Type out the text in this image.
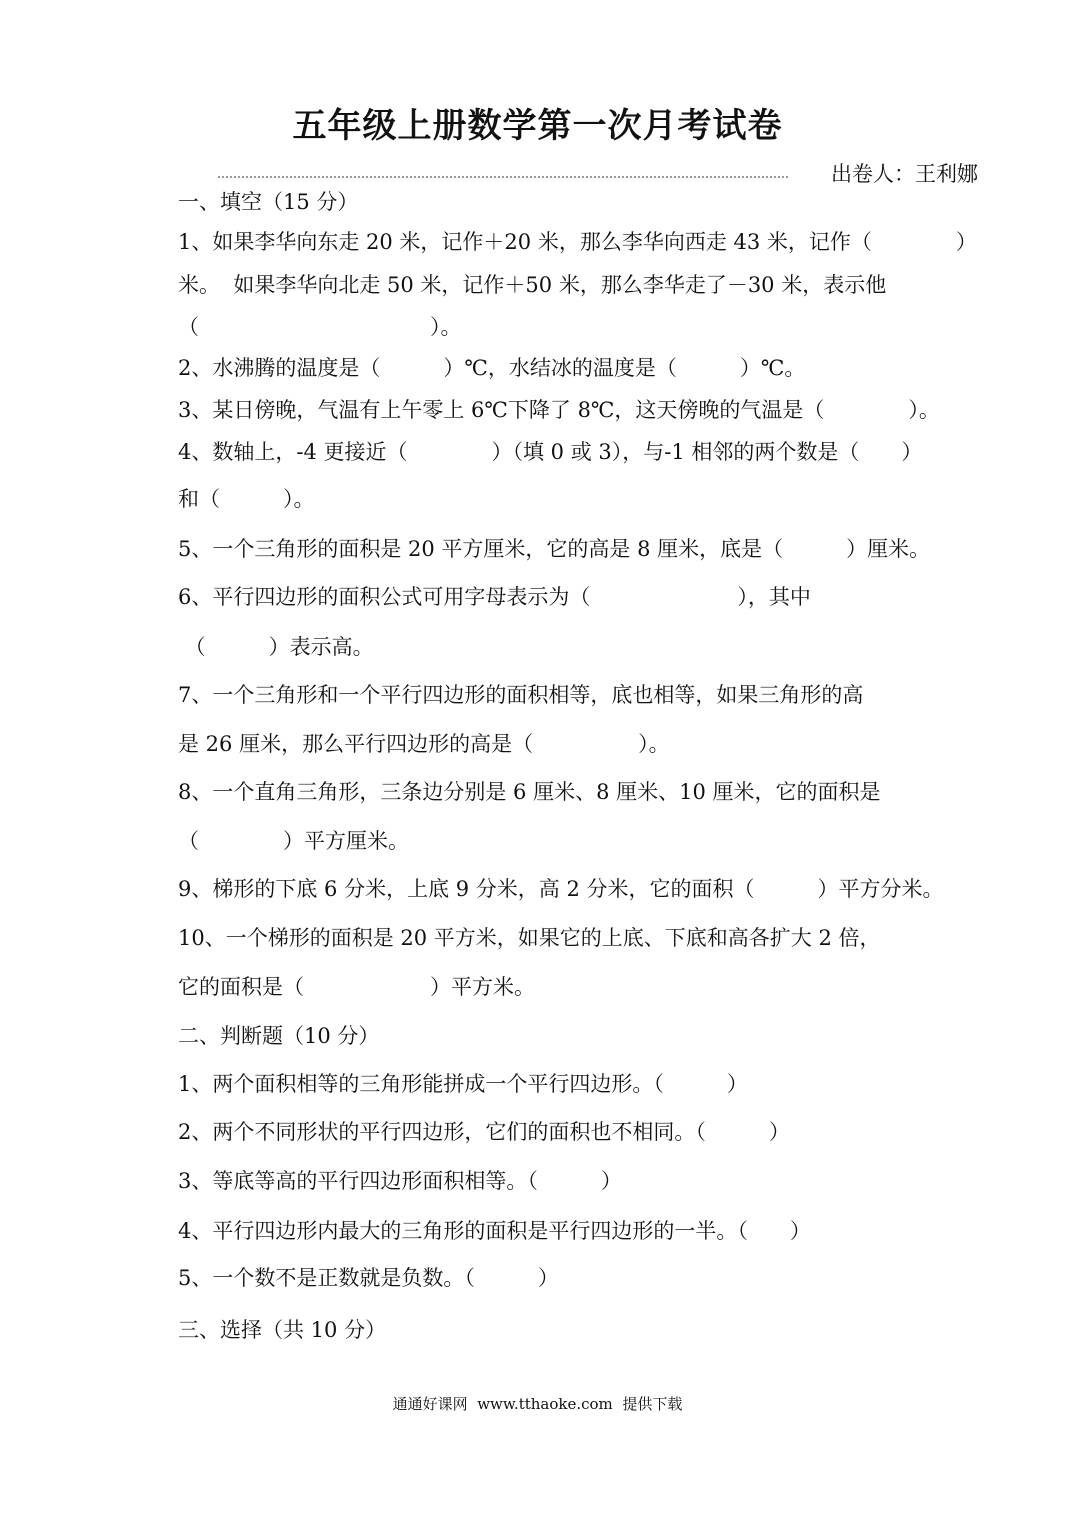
五年级上册数学第一次月考试卷
出卷人：王利娜
一、填空（15 分）
1、如果李华向东走 20 米，记作＋20 米，那么李华向西走 43 米，记作（　　　　）
米。  如果李华向北走 50 米，记作＋50 米，那么李华走了－30 米，表示他
（　　　　　　　　　　　）。
2、水沸腾的温度是（　　　）℃，水结冰的温度是（　　　）℃。
3、某日傍晚，气温有上午零上 6℃下降了 8℃，这天傍晚的气温是（　　　　）。
4、数轴上，-4 更接近（　　　　）（填 0 或 3），与-1 相邻的两个数是（　　）
和（　　　）。
5、一个三角形的面积是 20 平方厘米，它的高是 8 厘米，底是（　　　）厘米。
6、平行四边形的面积公式可用字母表示为（　　　　　　　），其中
（　　　）表示高。
7、一个三角形和一个平行四边形的面积相等，底也相等，如果三角形的高
是 26 厘米，那么平行四边形的高是（　　　　　）。
8、一个直角三角形，三条边分别是 6 厘米、8 厘米、10 厘米，它的面积是
（　　　　）平方厘米。
9、梯形的下底 6 分米，上底 9 分米，高 2 分米，它的面积（　　　）平方分米。
10、一个梯形的面积是 20 平方米，如果它的上底、下底和高各扩大 2 倍，
它的面积是（　　　　　　）平方米。
二、判断题（10 分）
1、两个面积相等的三角形能拼成一个平行四边形。（　　　）
2、两个不同形状的平行四边形，它们的面积也不相同。（　　　）
3、等底等高的平行四边形面积相等。（　　　）
4、平行四边形内最大的三角形的面积是平行四边形的一半。（　　）
5、一个数不是正数就是负数。（　　　）
三、选择（共 10 分）
通通好课网  www.tthaoke.com  提供下载
